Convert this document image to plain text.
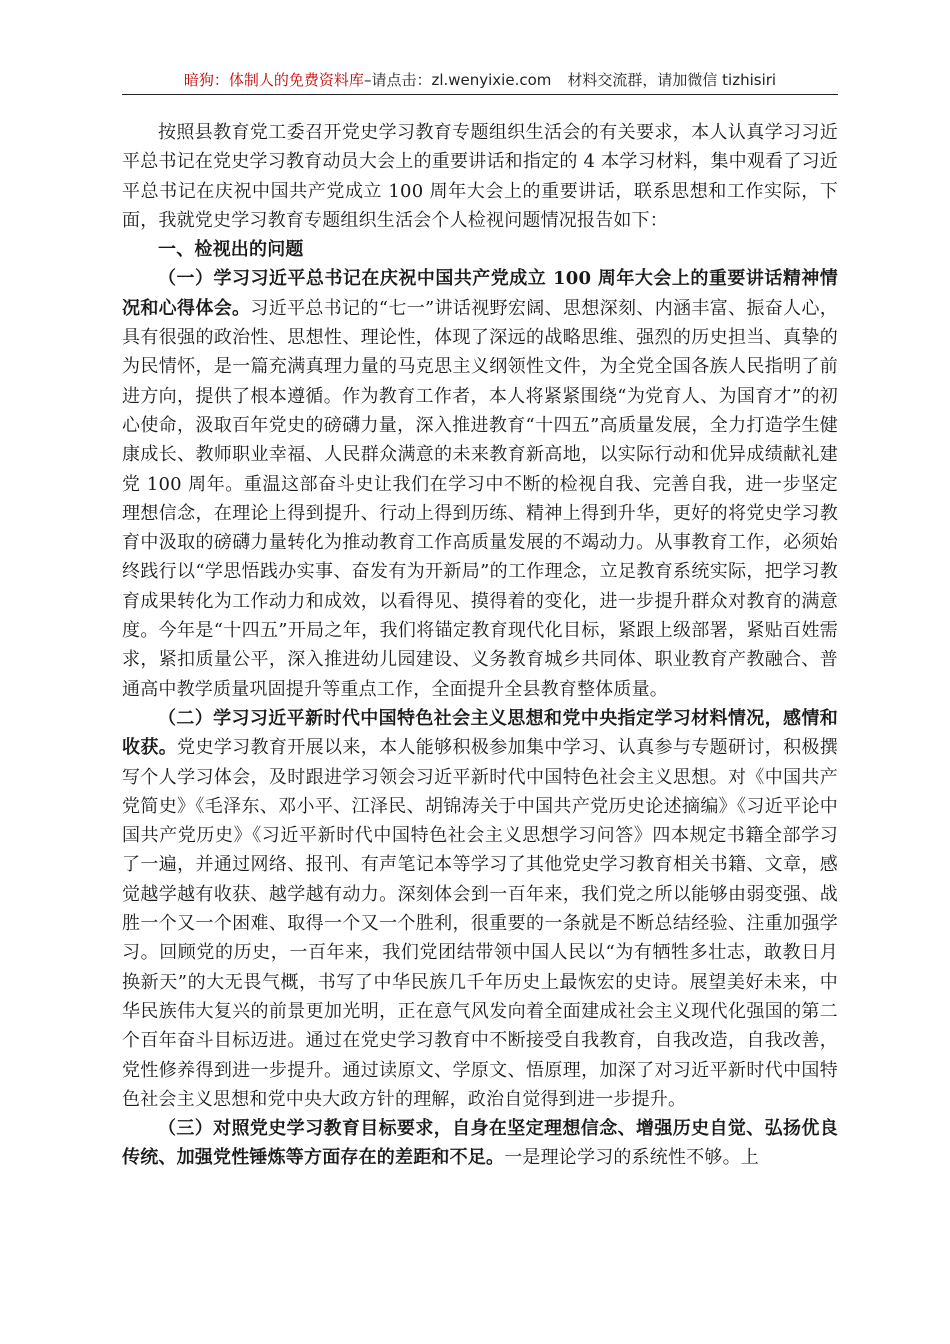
暗狗：体制人的免费资料库–请点击：zl.wenyixie.com 材料交流群，请加微信 tizhisiri

按照县教育党工委召开党史学习教育专题组织生活会的有关要求，本人认真学习习近平总书记在党史学习教育动员大会上的重要讲话和指定的 4 本学习材料，集中观看了习近平总书记在庆祝中国共产党成立 100 周年大会上的重要讲话，联系思想和工作实际，下面，我就党史学习教育专题组织生活会个人检视问题情况报告如下：

一、检视出的问题

（一）学习习近平总书记在庆祝中国共产党成立 100 周年大会上的重要讲话精神情况和心得体会。习近平总书记的“七一”讲话视野宏阔、思想深刻、内涵丰富、振奋人心，具有很强的政治性、思想性、理论性，体现了深远的战略思维、强烈的历史担当、真挚的为民情怀，是一篇充满真理力量的马克思主义纲领性文件，为全党全国各族人民指明了前进方向，提供了根本遵循。作为教育工作者，本人将紧紧围绕“为党育人、为国育才”的初心使命，汲取百年党史的磅礴力量，深入推进教育“十四五”高质量发展，全力打造学生健康成长、教师职业幸福、人民群众满意的未来教育新高地，以实际行动和优异成绩献礼建党 100 周年。重温这部奋斗史让我们在学习中不断的检视自我、完善自我，进一步坚定理想信念，在理论上得到提升、行动上得到历练、精神上得到升华，更好的将党史学习教育中汲取的磅礴力量转化为推动教育工作高质量发展的不竭动力。从事教育工作，必须始终践行以“学思悟践办实事、奋发有为开新局”的工作理念，立足教育系统实际，把学习教育成果转化为工作动力和成效，以看得见、摸得着的变化，进一步提升群众对教育的满意度。今年是“十四五”开局之年，我们将锚定教育现代化目标，紧跟上级部署，紧贴百姓需求，紧扣质量公平，深入推进幼儿园建设、义务教育城乡共同体、职业教育产教融合、普通高中教学质量巩固提升等重点工作，全面提升全县教育整体质量。

（二）学习习近平新时代中国特色社会主义思想和党中央指定学习材料情况，感情和收获。党史学习教育开展以来，本人能够积极参加集中学习、认真参与专题研讨，积极撰写个人学习体会，及时跟进学习领会习近平新时代中国特色社会主义思想。对《中国共产党简史》《毛泽东、邓小平、江泽民、胡锦涛关于中国共产党历史论述摘编》《习近平论中国共产党历史》《习近平新时代中国特色社会主义思想学习问答》四本规定书籍全部学习了一遍，并通过网络、报刊、有声笔记本等学习了其他党史学习教育相关书籍、文章，感觉越学越有收获、越学越有动力。深刻体会到一百年来，我们党之所以能够由弱变强、战胜一个又一个困难、取得一个又一个胜利，很重要的一条就是不断总结经验、注重加强学习。回顾党的历史，一百年来，我们党团结带领中国人民以“为有牺牲多壮志，敢教日月换新天”的大无畏气概，书写了中华民族几千年历史上最恢宏的史诗。展望美好未来，中华民族伟大复兴的前景更加光明，正在意气风发向着全面建成社会主义现代化强国的第二个百年奋斗目标迈进。通过在党史学习教育中不断接受自我教育，自我改造，自我改善，党性修养得到进一步提升。通过读原文、学原文、悟原理，加深了对习近平新时代中国特色社会主义思想和党中央大政方针的理解，政治自觉得到进一步提升。

（三）对照党史学习教育目标要求，自身在坚定理想信念、增强历史自觉、弘扬优良传统、加强党性锤炼等方面存在的差距和不足。一是理论学习的系统性不够。上
